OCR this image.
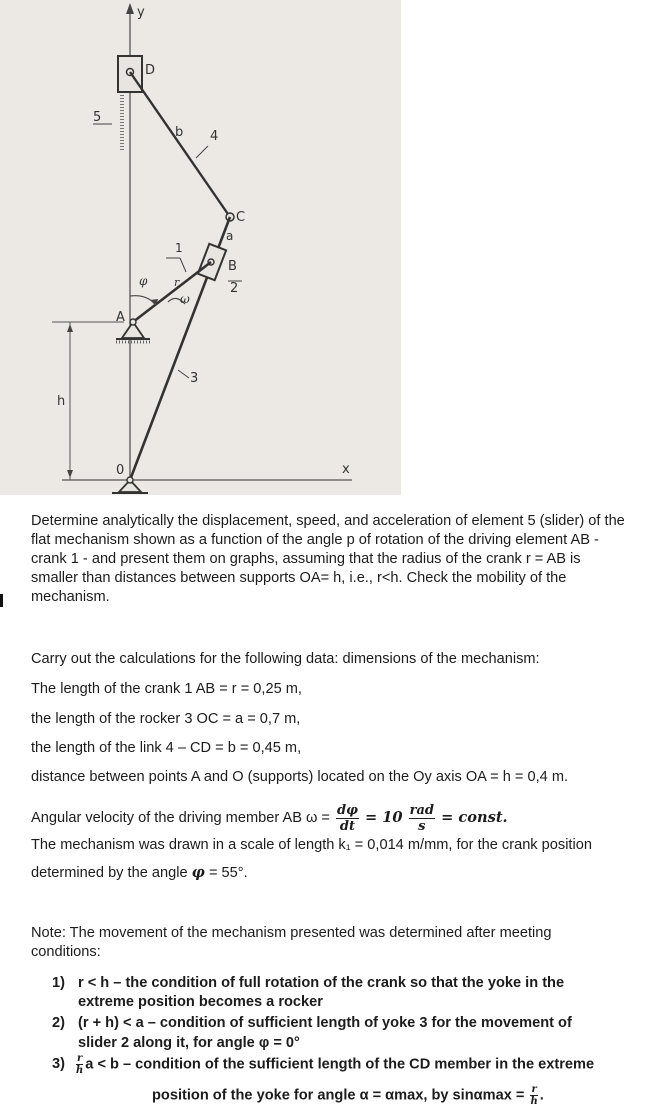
y
D
5
b 4
C
a
3
B
2
1
φ r
ω
A
h
x
0
Determine analytically the displacement, speed, and acceleration of element 5 (slider) of the flat mechanism shown as a function of the angle p of rotation of the driving element AB - crank 1 - and present them on graphs, assuming that the radius of the crank r = AB is smaller than distances between supports OA= h, i.e., r<h. Check the mobility of the mechanism.
Carry out the calculations for the following data: dimensions of the mechanism:
The length of the crank 1 AB = r = 0,25 m,
the length of the rocker 3 OC = a = 0,7 m,
the length of the link 4 – CD = b = 0,45 m,
distance between points A and O (supports) located on the Oy axis OA = h = 0,4 m.
Angular velocity of the driving member AB $\omega = \frac{d\varphi}{dt} = 10 \frac{\text{rad}}{s}$ = const.
The mechanism was drawn in a scale of length k₁ = 0,014 m/mm, for the crank position
determined by the angle φ = 55°.
Note: The movement of the mechanism presented was determined after meeting conditions:
1) r < h – the condition of full rotation of the crank so that the yoke in the
extreme position becomes a rocker
2) (r + h) < a – condition of sufficient length of yoke 3 for the movement of
slider 2 along it, for angle φ = 0°
$3) \frac{r}{h}$ a < b – condition of the sufficient length of the CD member in the extreme
position of the yoke for angle α = αmax, by $\sin\alpha\max = \frac{r}{h}$ .
